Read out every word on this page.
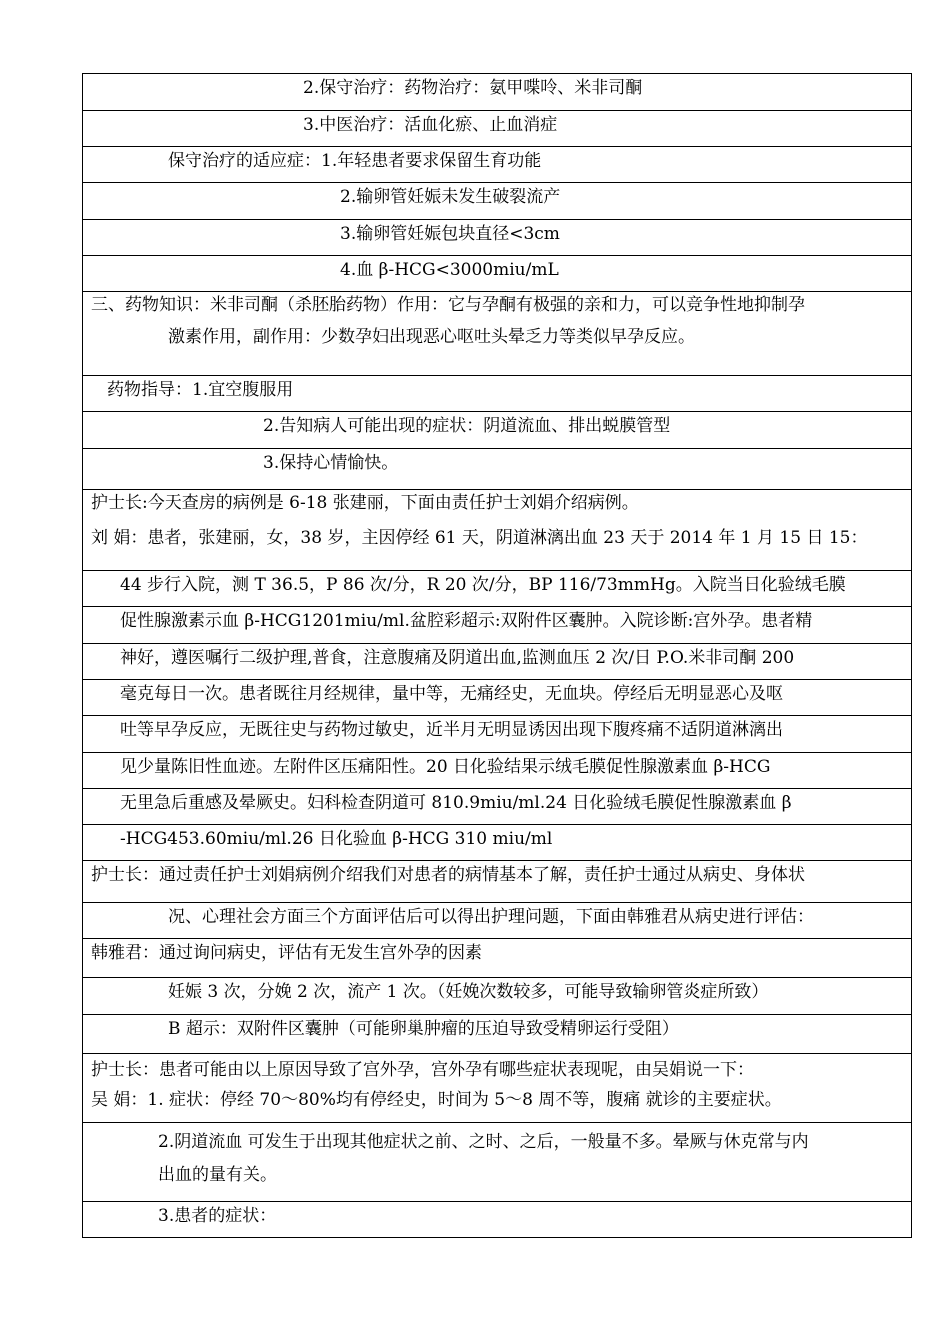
2.保守治疗：药物治疗：氨甲喋呤、米非司酮
3.中医治疗：活血化瘀、止血消症
保守治疗的适应症：1.年轻患者要求保留生育功能
2.输卵管妊娠未发生破裂流产
3.输卵管妊娠包块直径<3cm
4.血 β-HCG<3000miu/mL
三、药物知识：米非司酮（杀胚胎药物）作用：它与孕酮有极强的亲和力，可以竞争性地抑制孕
激素作用，副作用：少数孕妇出现恶心呕吐头晕乏力等类似早孕反应。
药物指导：1.宜空腹服用
2.告知病人可能出现的症状：阴道流血、排出蜕膜管型
3.保持心情愉快。
护士长:今天查房的病例是 6-18 张建丽，下面由责任护士刘娟介绍病例。
刘 娟：患者，张建丽，女，38 岁，主因停经 61 天，阴道淋漓出血 23 天于 2014 年 1 月 15 日 15：
44 步行入院，测 T 36.5，P 86 次/分，R 20 次/分，BP 116/73mmHg。入院当日化验绒毛膜
促性腺激素示血 β-HCG1201miu/ml.盆腔彩超示:双附件区囊肿。入院诊断:宫外孕。患者精
神好，遵医嘱行二级护理,普食，注意腹痛及阴道出血,监测血压 2 次/日 P.O.米非司酮 200
毫克每日一次。患者既往月经规律，量中等，无痛经史，无血块。停经后无明显恶心及呕
吐等早孕反应，无既往史与药物过敏史，近半月无明显诱因出现下腹疼痛不适阴道淋漓出
见少量陈旧性血迹。左附件区压痛阳性。20 日化验结果示绒毛膜促性腺激素血 β-HCG
无里急后重感及晕厥史。妇科检查阴道可 810.9miu/ml.24 日化验绒毛膜促性腺激素血 β
-HCG453.60miu/ml.26 日化验血 β-HCG 310 miu/ml
护士长：通过责任护士刘娟病例介绍我们对患者的病情基本了解，责任护士通过从病史、身体状
况、心理社会方面三个方面评估后可以得出护理问题，下面由韩雅君从病史进行评估：
韩雅君：通过询问病史，评估有无发生宫外孕的因素
妊娠 3 次，分娩 2 次，流产 1 次。（妊娩次数较多，可能导致输卵管炎症所致）
B 超示：双附件区囊肿（可能卵巢肿瘤的压迫导致受精卵运行受阻）
护士长：患者可能由以上原因导致了宫外孕，宫外孕有哪些症状表现呢，由吴娟说一下：
吴 娟：1. 症状：停经 70～80%均有停经史，时间为 5～8 周不等，腹痛 就诊的主要症状。
2.阴道流血 可发生于出现其他症状之前、之时、之后，一般量不多。晕厥与休克常与内
出血的量有关。
3.患者的症状：
